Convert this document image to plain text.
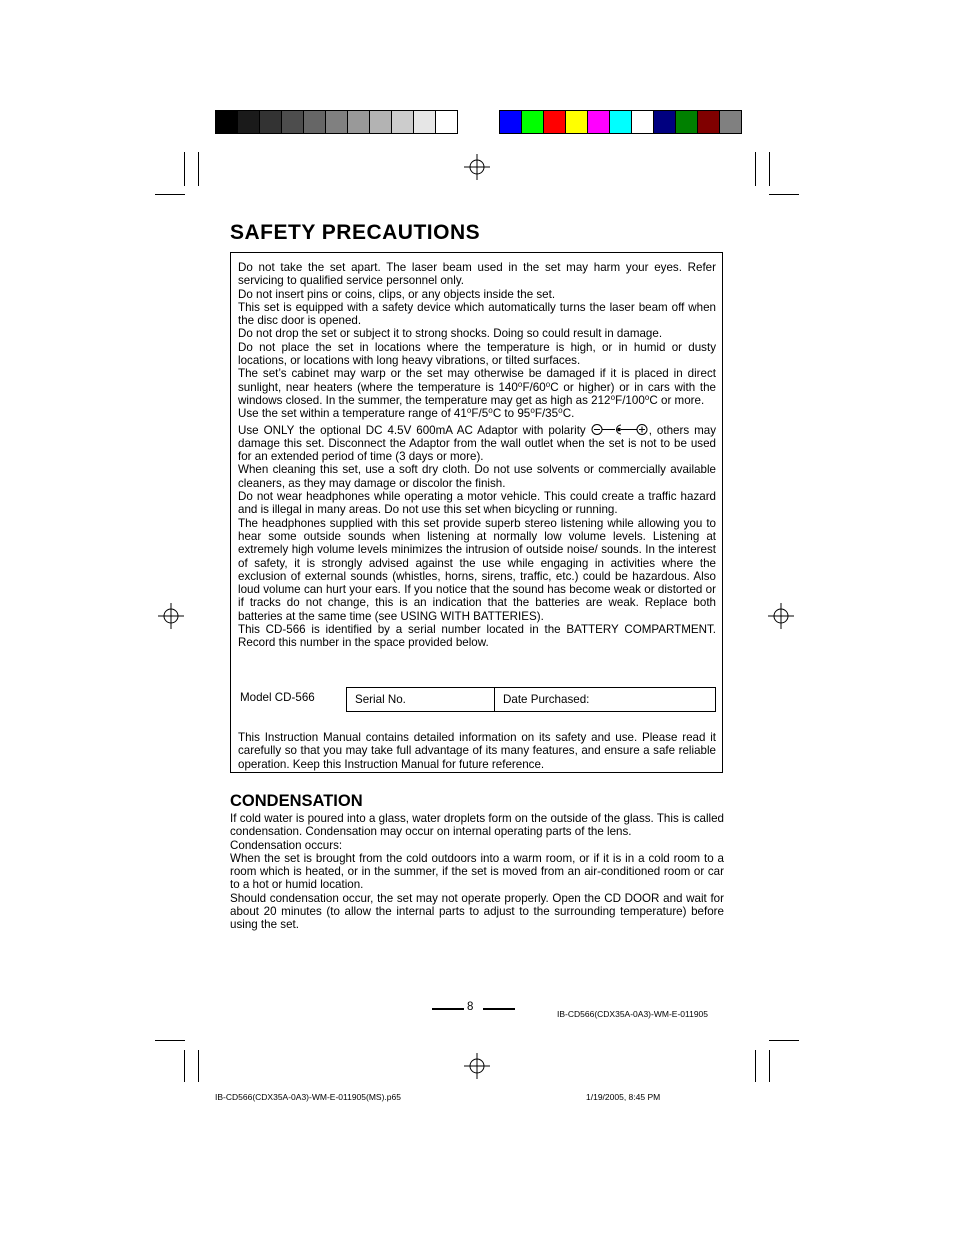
SAFETY PRECAUTIONS
Do not take the set apart. The laser beam used in the set may harm your eyes. Refer servicing to qualified service personnel only.
Do not insert pins or coins, clips, or any objects inside the set.
This set is equipped with a safety device which automatically turns the laser beam off when the disc door is opened.
Do not drop the set or subject it to strong shocks. Doing so could result in damage.
Do not place the set in locations where the temperature is high, or in humid or dusty locations, or locations with long heavy vibrations, or tilted surfaces.
The set’s cabinet may warp or the set may otherwise be damaged if it is placed in direct sunlight, near heaters (where the temperature is 140⁰F/60⁰C or higher) or in cars with the windows closed. In the summer, the temperature may get as high as 212⁰F/100⁰C or more.
Use the set within a temperature range of 41⁰F/5⁰C to 95⁰F/35⁰C.
Use ONLY the optional DC 4.5V 600mA AC Adaptor with polarity	, others may damage this set. Disconnect the Adaptor from the wall outlet when the set is not to be used for an extended period of time (3 days or more).
When cleaning this set, use a soft dry cloth. Do not use solvents or commercially available cleaners, as they may damage or discolor the finish.
Do not wear headphones while operating a motor vehicle. This could create a traffic hazard and is illegal in many areas. Do not use this set when bicycling or running.
The headphones supplied with this set provide superb stereo listening while allowing you to hear some outside sounds when listening at normally low volume levels. Listening at extremely high volume levels minimizes the intrusion of outside noise/ sounds. In the interest of safety, it is strongly advised against the use while engaging in activities where the exclusion of external sounds (whistles, horns, sirens, traffic, etc.) could be hazardous. Also loud volume can hurt your ears. If you notice that the sound has become weak or distorted or if tracks do not change, this is an indication that the batteries are weak. Replace both batteries at the same time (see USING WITH BATTERIES).
This CD-566 is identified by a serial number located in the BATTERY COMPARTMENT. Record this number in the space provided below.
Model CD-566	Serial No.	Date Purchased:

This Instruction Manual contains detailed information on its safety and use. Please read it carefully so that you may take full advantage of its many features, and ensure a safe reliable operation. Keep this Instruction Manual for future reference.

CONDENSATION
If cold water is poured into a glass, water droplets form on the outside of the glass. This is called condensation. Condensation may occur on internal operating parts of the lens.
Condensation occurs:
When the set is brought from the cold outdoors into a warm room, or if it is in a cold room to a room which is heated, or in the summer, if the set is moved from an air-conditioned room or car to a hot or humid location.
Should condensation occur, the set may not operate properly. Open the CD DOOR and wait for about 20 minutes (to allow the internal parts to adjust to the surrounding temperature) before using the set.
8
IB-CD566(CDX35A-0A3)-WM-E-011905
IB-CD566(CDX35A-0A3)-WM-E-011905(MS).p65	1/19/2005, 8:45 PM
